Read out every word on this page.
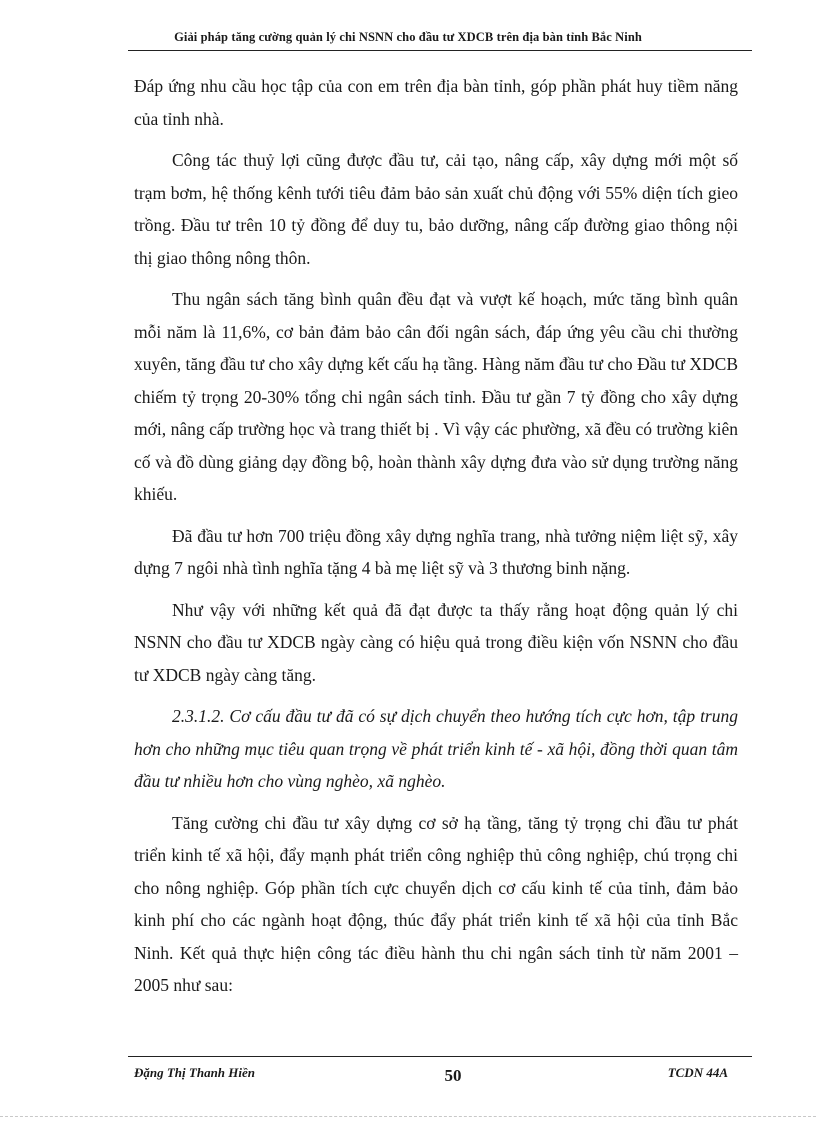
Giải pháp tăng cường quản lý chi NSNN cho đầu tư XDCB trên địa bàn tỉnh Bắc Ninh

Đáp ứng nhu cầu học tập của con em trên địa bàn tỉnh, góp phần phát huy tiềm năng của tỉnh nhà.

Công tác thuỷ lợi cũng được đầu tư, cải tạo, nâng cấp, xây dựng mới một số trạm bơm, hệ thống kênh tưới tiêu đảm bảo sản xuất chủ động với 55% diện tích gieo trồng. Đầu tư trên 10 tỷ đồng để duy tu, bảo dưỡng, nâng cấp đường giao thông nội thị giao thông nông thôn.

Thu ngân sách tăng bình quân đều đạt và vượt kế hoạch, mức tăng bình quân mỗi năm là 11,6%, cơ bản đảm bảo cân đối ngân sách, đáp ứng yêu cầu chi thường xuyên, tăng đầu tư cho xây dựng kết cấu hạ tầng. Hàng năm đầu tư cho Đầu tư XDCB chiếm tỷ trọng 20-30% tổng chi ngân sách tỉnh. Đầu tư gần 7 tỷ đồng cho xây dựng mới, nâng cấp trường học và trang thiết bị . Vì vậy các phường, xã đều có trường kiên cố và đồ dùng giảng dạy đồng bộ, hoàn thành xây dựng đưa vào sử dụng trường năng khiếu.

Đã đầu tư hơn 700 triệu đồng xây dựng nghĩa trang, nhà tưởng niệm liệt sỹ, xây dựng 7 ngôi nhà tình nghĩa tặng 4 bà mẹ liệt sỹ và 3 thương binh nặng.

Như vậy với những kết quả đã đạt được ta thấy rằng hoạt động quản lý chi NSNN cho đầu tư XDCB ngày càng có hiệu quả trong điều kiện vốn NSNN cho đầu tư XDCB ngày càng tăng.

2.3.1.2. Cơ cấu đầu tư đã có sự dịch chuyển theo hướng tích cực hơn, tập trung hơn cho những mục tiêu quan trọng về phát triển kinh tế - xã hội, đồng thời quan tâm đầu tư nhiều hơn cho vùng nghèo, xã nghèo.

Tăng cường chi đầu tư xây dựng cơ sở hạ tầng, tăng tỷ trọng chi đầu tư phát triển kinh tế xã hội, đẩy mạnh phát triển công nghiệp thủ công nghiệp, chú trọng chi cho nông nghiệp. Góp phần tích cực chuyển dịch cơ cấu kinh tế của tỉnh, đảm bảo kinh phí cho các ngành hoạt động, thúc đẩy phát triển kinh tế xã hội của tỉnh Bắc Ninh. Kết quả thực hiện công tác điều hành thu chi ngân sách tỉnh từ năm 2001 – 2005 như sau:

Đặng Thị Thanh Hiền	50	TCDN 44A
